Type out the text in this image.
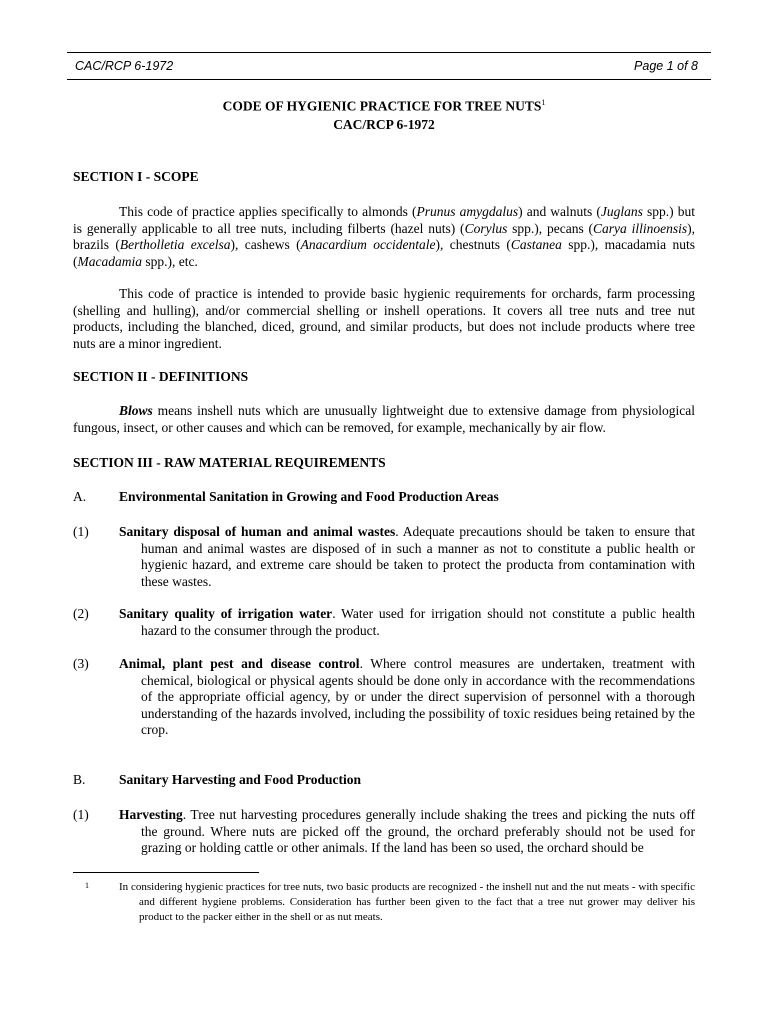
CAC/RCP 6-1972	Page 1 of 8
CODE OF HYGIENIC PRACTICE FOR TREE NUTS$^1$
CAC/RCP 6-1972
SECTION I - SCOPE
This code of practice applies specifically to almonds (Prunus amygdalus) and walnuts (Juglans spp.) but is generally applicable to all tree nuts, including filberts (hazel nuts) (Corylus spp.), pecans (Carya illinoensis), brazils (Bertholletia excelsa), cashews (Anacardium occidentale), chestnuts (Castanea spp.), macadamia nuts (Macadamia spp.), etc.
This code of practice is intended to provide basic hygienic requirements for orchards, farm processing (shelling and hulling), and/or commercial shelling or inshell operations. It covers all tree nuts and tree nut products, including the blanched, diced, ground, and similar products, but does not include products where tree nuts are a minor ingredient.
SECTION II - DEFINITIONS
Blows means inshell nuts which are unusually lightweight due to extensive damage from physiological fungous, insect, or other causes and which can be removed, for example, mechanically by air flow.
SECTION III - RAW MATERIAL REQUIREMENTS
A. Environmental Sanitation in Growing and Food Production Areas
(1) Sanitary disposal of human and animal wastes. Adequate precautions should be taken to ensure that human and animal wastes are disposed of in such a manner as not to constitute a public health or hygienic hazard, and extreme care should be taken to protect the producta from contamination with these wastes.
(2) Sanitary quality of irrigation water. Water used for irrigation should not constitute a public health hazard to the consumer through the product.
(3) Animal, plant pest and disease control. Where control measures are undertaken, treatment with chemical, biological or physical agents should be done only in accordance with the recommendations of the appropriate official agency, by or under the direct supervision of personnel with a thorough understanding of the hazards involved, including the possibility of toxic residues being retained by the crop.
B. Sanitary Harvesting and Food Production
(1) Harvesting. Tree nut harvesting procedures generally include shaking the trees and picking the nuts off the ground. Where nuts are picked off the ground, the orchard preferably should not be used for grazing or holding cattle or other animals. If the land has been so used, the orchard should be
1	In considering hygienic practices for tree nuts, two basic products are recognized - the inshell nut and the nut meats - with specific and different hygiene problems. Consideration has further been given to the fact that a tree nut grower may deliver his product to the packer either in the shell or as nut meats.
